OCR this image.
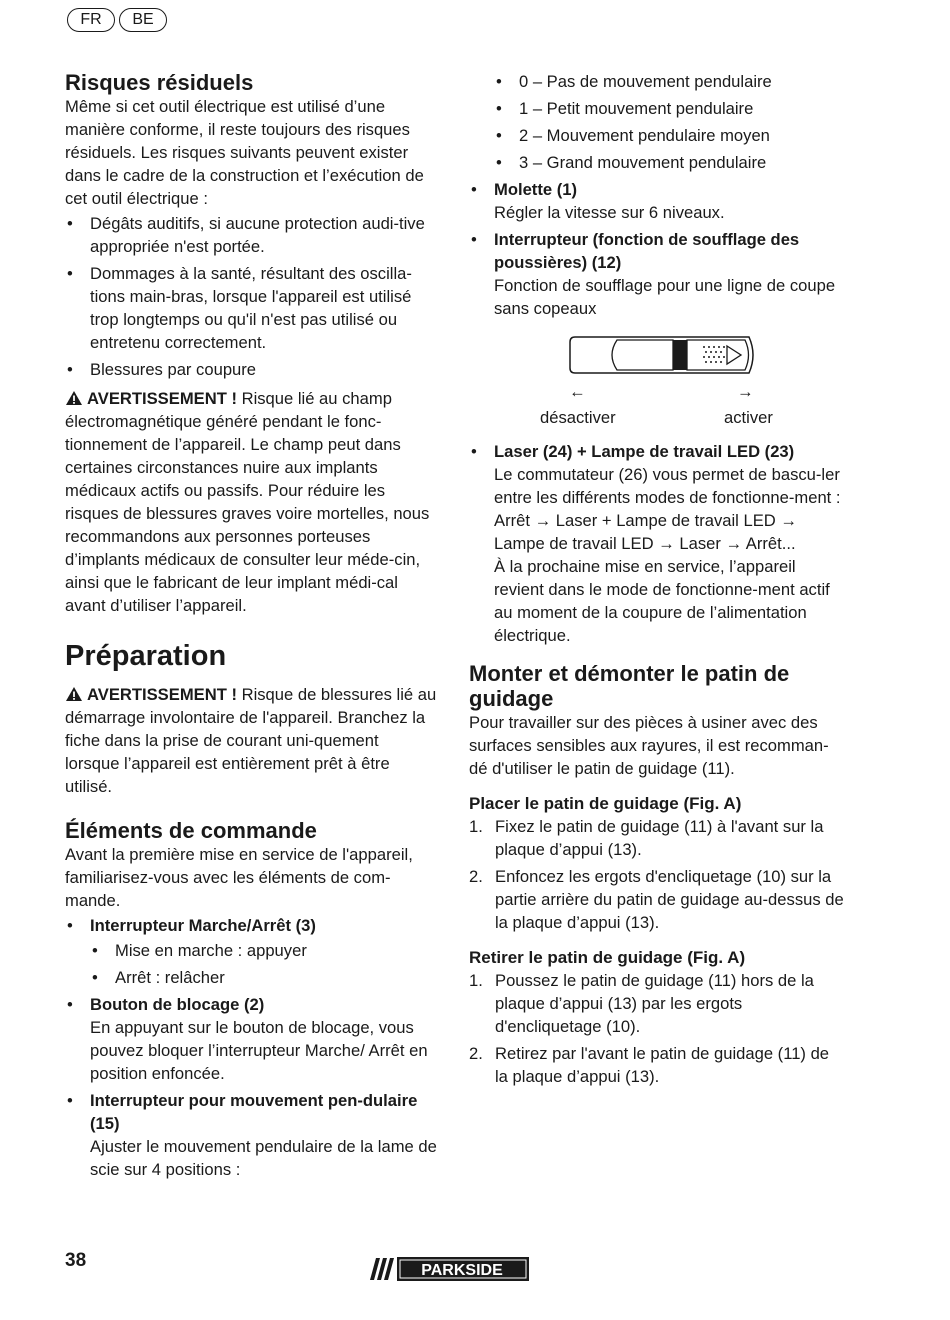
FR	BE
Risques résiduels

Même si cet outil électrique est utilisé d’une manière conforme, il reste toujours des risques résiduels. Les risques suivants peuvent exister dans le cadre de la construction et l’exécution de cet outil électrique :

• Dégâts auditifs, si aucune protection audi-tive appropriée n'est portée.
• Dommages à la santé, résultant des oscilla-tions main-bras, lorsque l'appareil est utilisé trop longtemps ou qu'il n'est pas utilisé ou entretenu correctement.
• Blessures par coupure

AVERTISSEMENT ! Risque lié au champ électromagnétique généré pendant le fonc-tionnement de l’appareil. Le champ peut dans certaines circonstances nuire aux implants médicaux actifs ou passifs. Pour réduire les risques de blessures graves voire mortelles, nous recommandons aux personnes porteuses d’implants médicaux de consulter leur méde-cin, ainsi que le fabricant de leur implant médi-cal avant d’utiliser l’appareil.

Préparation

AVERTISSEMENT ! Risque de blessures lié au démarrage involontaire de l'appareil. Branchez la fiche dans la prise de courant uni-quement lorsque l’appareil est entièrement prêt à être utilisé.

Éléments de commande

Avant la première mise en service de l'appareil, familiarisez-vous avec les éléments de com-mande.

• Interrupteur Marche/Arrêt (3)
• Mise en marche : appuyer
• Arrêt : relâcher
• Bouton de blocage (2)
En appuyant sur le bouton de blocage, vous pouvez bloquer l’interrupteur Marche/ Arrêt en position enfoncée.
• Interrupteur pour mouvement pen-dulaire (15)
Ajuster le mouvement pendulaire de la lame de scie sur 4 positions :
• 0 – Pas de mouvement pendulaire
• 1 – Petit mouvement pendulaire
• 2 – Mouvement pendulaire moyen
• 3 – Grand mouvement pendulaire
• Molette (1)
Régler la vitesse sur 6 niveaux.
• Interrupteur (fonction de soufflage des poussières) (12)
Fonction de soufflage pour une ligne de coupe sans copeaux
←	→
désactiver	activer
• Laser (24) + Lampe de travail LED (23)
Le commutateur (26) vous permet de bascu-ler entre les différents modes de fonctionne-ment :
Arrêt → Laser + Lampe de travail LED → Lampe de travail LED → Laser → Arrêt...
À la prochaine mise en service, l’appareil revient dans le mode de fonctionne-ment actif au moment de la coupure de l’alimentation électrique.
Monter et démonter le patin de guidage

Pour travailler sur des pièces à usiner avec des surfaces sensibles aux rayures, il est recomman-dé d'utiliser le patin de guidage (11).

Placer le patin de guidage (Fig. A)
1. Fixez le patin de guidage (11) à l'avant sur la plaque d’appui (13).
2. Enfoncez les ergots d'encliquetage (10) sur la partie arrière du patin de guidage au-dessus de la plaque d’appui (13).
Retirer le patin de guidage (Fig. A)
1. Poussez le patin de guidage (11) hors de la plaque d’appui (13) par les ergots d'encliquetage (10).
2. Retirez par l'avant le patin de guidage (11) de la plaque d’appui (13).
38	PARKSIDE
